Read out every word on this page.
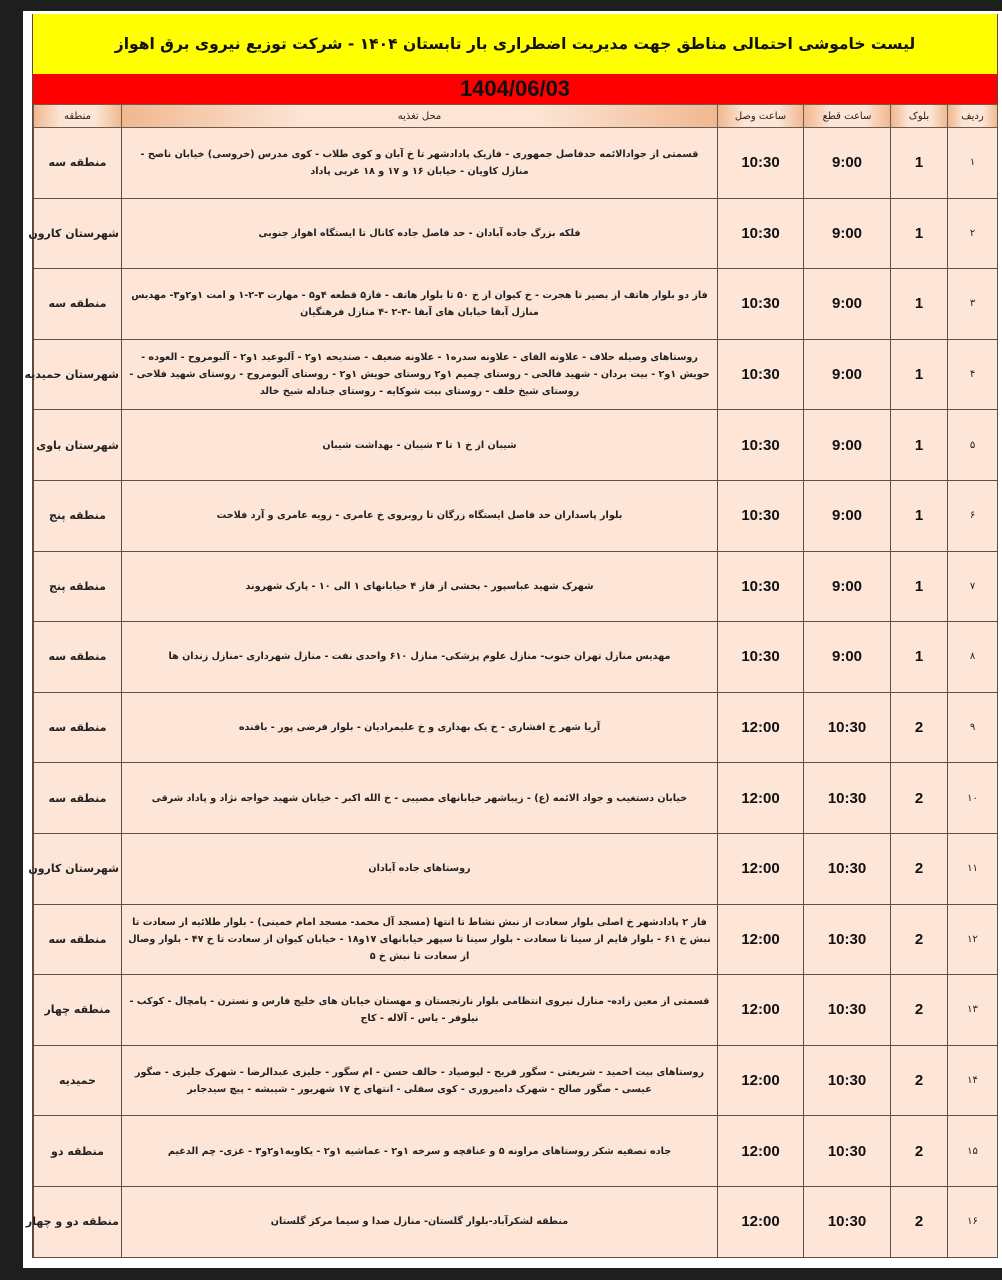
لیست خاموشی احتمالی مناطق جهت مدیریت اضطراری بار تابستان ۱۴۰۴ - شرکت توزیع نیروی برق اهواز
1404/06/03
ردیف	بلوک	ساعت قطع	ساعت وصل	محل تغذیه	منطقه
۱	1	9:00	10:30	قسمتی از جوادالائمه حدفاصل جمهوری - فازیک پادادشهر تا خ آبان و کوی طلاب - کوی مدرس (خروسی) خیابان ناصح - منازل کاویان - خیابان ۱۶ و ۱۷ و ۱۸ غربی پاداد	منطقه سه
۲	1	9:00	10:30	فلکه بزرگ جاده آبادان - حد فاصل جاده کانال تا ایستگاه اهواز جنوبی	شهرستان کارون
۳	1	9:00	10:30	فاز دو بلوار هاتف از بصیر تا هجرت - خ کیوان از خ ۵۰ تا بلوار هاتف - فاز۵ قطعه ۴و۵ - مهارت ۳-۲-۱ و امت ۱و۲و۳- مهدیس منازل آبفا خیابان های آبفا -۳-۲ -۴ منازل فرهنگیان	منطقه سه
۴	1	9:00	10:30	روستاهای وصیله حلاف - علاونه الفای - علاونه سدره۱ - علاونه ضعیف - صندیحه ۱و۲ - آلبوعید ۱و۲ - آلبومروح - العوده - حویش ۱و۲ - بیت بردان - شهید فالحی - روستای چمیم ۱و۲ روستای حویش ۱و۲ - روستای آلبومروح - روستای شهید فلاحی - روستای شیخ خلف - روستای بیت شوکایه - روستای جنادله شیخ خالد	شهرستان حمیدیه
۵	1	9:00	10:30	شیبان از خ ۱ تا ۳ شیبان - بهداشت شیبان	شهرستان باوی
۶	1	9:00	10:30	بلوار پاسداران حد فاصل ایستگاه زرگان تا روبروی خ عامری - زویه عامری و آرد فلاحت	منطقه پنج
۷	1	9:00	10:30	شهرک شهید عباسپور - بخشی از فاز ۴ خیابانهای ۱ الی ۱۰ - پارک شهروند	منطقه پنج
۸	1	9:00	10:30	مهدیس منازل تهران جنوب- منازل علوم پزشکی- منازل ۶۱۰ واحدی نفت - منازل شهرداری -منازل زندان ها	منطقه سه
۹	2	10:30	12:00	آریا شهر خ افشاری - خ یک بهداری و خ علیمرادیان - بلوار فرضی پور - بافنده	منطقه سه
۱۰	2	10:30	12:00	خیابان دستغیب و جواد الائمه (ع) - زیباشهر خیابانهای مصیبی - خ الله اکبر - خیابان شهید خواجه نژاد و پاداد شرقی	منطقه سه
۱۱	2	10:30	12:00	روستاهای جاده آبادان	شهرستان کارون
۱۲	2	10:30	12:00	فاز ۲ پادادشهر خ اصلی بلوار سعادت از نبش نشاط تا انتها (مسجد آل محمد- مسجد امام خمینی) - بلوار طلائیه از سعادت تا نبش خ ۶۱ - بلوار قایم از سینا تا سعادت - بلوار سینا تا سپهر خیابانهای ۱۷و۱۸ - خیابان کیوان از سعادت تا خ ۴۷ - بلوار وصال از سعادت تا نبش خ ۵	منطقه سه
۱۳	2	10:30	12:00	قسمتی از معین زاده- منازل نیروی انتظامی بلوار نارنجستان و مهستان خیابان های خلیج فارس و نسترن - پامچال - کوکب - نیلوفر - یاس - آلاله - کاج	منطقه چهار
۱۴	2	10:30	12:00	روستاهای بیت احمید - شریعتی - سگور فریح - لیوصیاد - حالف حسن - ام سگور - جلیزی عبدالرضا - شهرک جلیزی - صگور عیسی - صگور صالح - شهرک دامیروری - کوی سفلی - انتهای خ ۱۷ شهریور - شیبشه - پیچ سیدجابر	حمیدیه
۱۵	2	10:30	12:00	جاده تصفیه شکر روستاهای مراونه ۵ و عنافچه و سرخه ۱و۲ - عماشیه ۱و۲ - یکاویه۱و۲و۳ - غزی- چم الدغیم	منطقه دو
۱۶	2	10:30	12:00	منطقه لشکرآباد-بلوار گلستان- منازل صدا و سیما مرکز گلستان	منطقه دو و چهار
